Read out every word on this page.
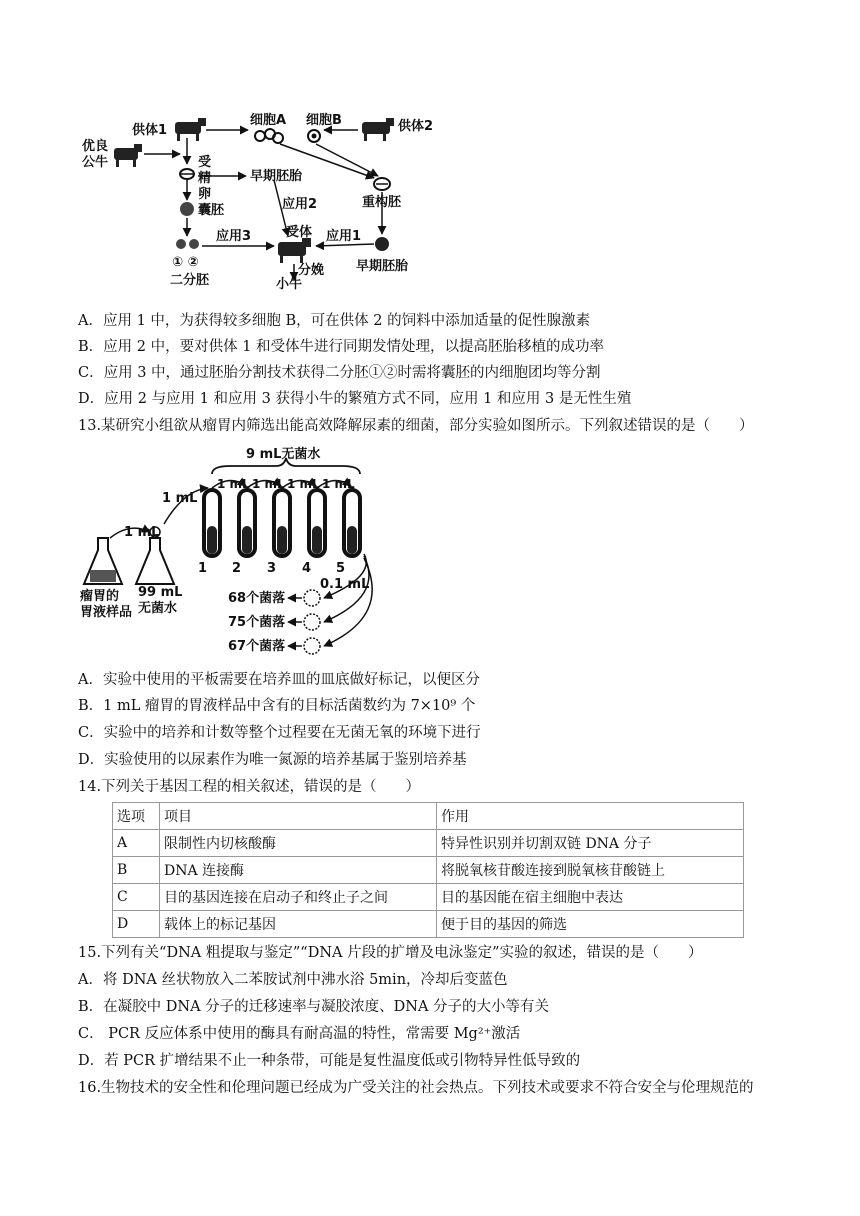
供体1
优良
公牛
细胞A 细胞B	供体2
受
精
卵
囊胚
早期胚胎
重构胚
应用2
受体
应用3	应用1
① ②
二分胚
分娩
小牛
早期胚胎
A．应用 1 中，为获得较多细胞 B，可在供体 2 的饲料中添加适量的促性腺激素
B．应用 2 中，要对供体 1 和受体牛进行同期发情处理，以提高胚胎移植的成功率
C．应用 3 中，通过胚胎分割技术获得二分胚①②时需将囊胚的内细胞团均等分割
D．应用 2 与应用 1 和应用 3 获得小牛的繁殖方式不同，应用 1 和应用 3 是无性生殖
13.某研究小组欲从瘤胃内筛选出能高效降解尿素的细菌，部分实验如图所示。下列叙述错误的是（　　）
9 mL无菌水
1 mL 1 mL 1 mL 1 mL
1 mL
1 mL
瘤胃的
胃液样品
99 mL
无菌水
1 2 3 4 5
0.1 mL
68个菌落
75个菌落
67个菌落
A．实验中使用的平板需要在培养皿的皿底做好标记，以便区分
B．1 mL 瘤胃的胃液样品中含有的目标活菌数约为 7×10⁹ 个
C．实验中的培养和计数等整个过程要在无菌无氧的环境下进行
D．实验使用的以尿素作为唯一氮源的培养基属于鉴别培养基
14.下列关于基因工程的相关叙述，错误的是（　　）
选项	项目	作用
A	限制性内切核酸酶	特异性识别并切割双链 DNA 分子
B	DNA 连接酶	将脱氧核苷酸连接到脱氧核苷酸链上
C	目的基因连接在启动子和终止子之间	目的基因能在宿主细胞中表达
D	载体上的标记基因	便于目的基因的筛选
15.下列有关“DNA 粗提取与鉴定”“DNA 片段的扩增及电泳鉴定”实验的叙述，错误的是（　　）
A．将 DNA 丝状物放入二苯胺试剂中沸水浴 5min，冷却后变蓝色
B．在凝胶中 DNA 分子的迁移速率与凝胶浓度、DNA 分子的大小等有关
C． PCR 反应体系中使用的酶具有耐高温的特性，常需要 Mg²⁺激活
D．若 PCR 扩增结果不止一种条带，可能是复性温度低或引物特异性低导致的
16.生物技术的安全性和伦理问题已经成为广受关注的社会热点。下列技术或要求不符合安全与伦理规范的
